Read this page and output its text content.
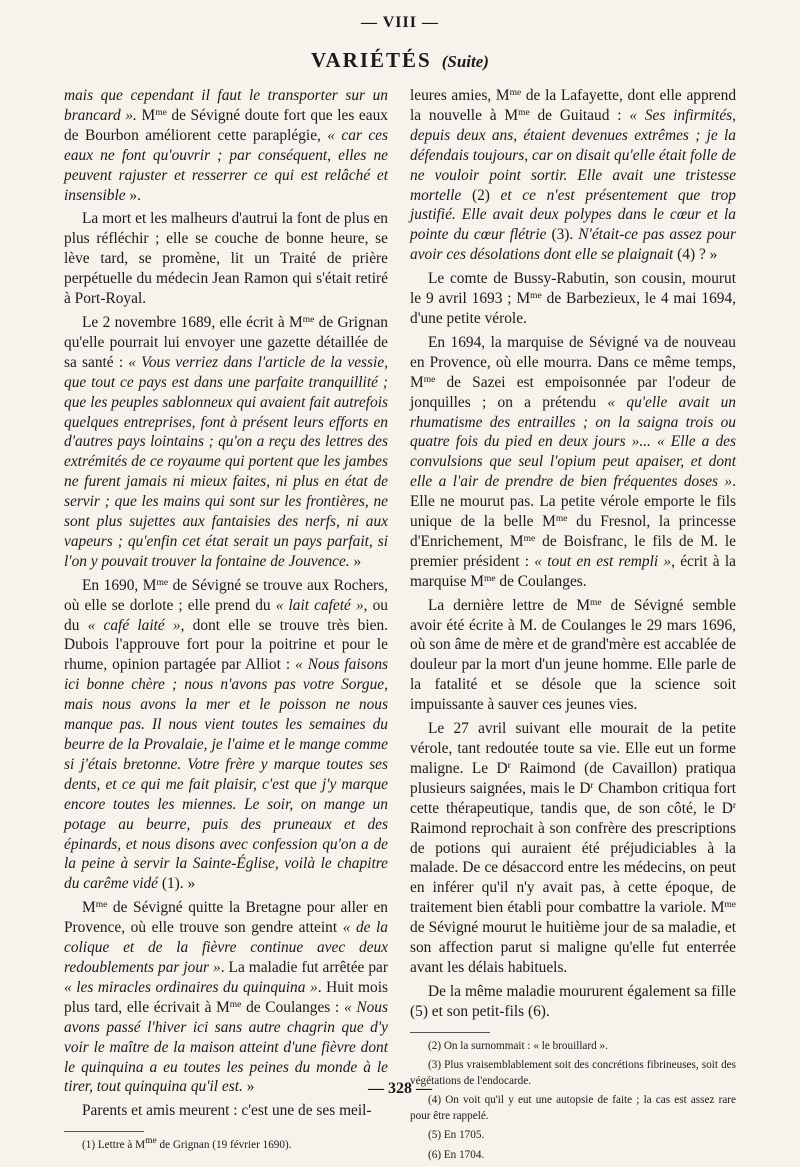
— VIII —
VARIÉTÉS (Suite)

mais que cependant il faut le transporter sur un brancard ». $M^{me}$ de Sévigné doute fort que les eaux de Bourbon améliorent cette paraplégie, « car ces eaux ne font qu'ouvrir ; par conséquent, elles ne peuvent rajuster et resserrer ce qui est relâché et insensible ».

La mort et les malheurs d'autrui la font de plus en plus réfléchir ; elle se couche de bonne heure, se lève tard, se promène, lit un Traité de prière perpétuelle du médecin Jean Ramon qui s'était retiré à Port-Royal.

Le 2 novembre 1689, elle écrit à $M^{me}$ de Grignan qu'elle pourrait lui envoyer une gazette détaillée de sa santé : « Vous verriez dans l'article de la vessie, que tout ce pays est dans une parfaite tranquillité ; que les peuples sablonneux qui avaient fait autrefois quelques entreprises, font à présent leurs efforts en d'autres pays lointains ; qu'on a reçu des lettres des extrémités de ce royaume qui portent que les jambes ne furent jamais ni mieux faites, ni plus en état de servir ; que les mains qui sont sur les frontières, ne sont plus sujettes aux fantaisies des nerfs, ni aux vapeurs ; qu'enfin cet état serait un pays parfait, si l'on y pouvait trouver la fontaine de Jouvence. »

En 1690, $M^{me}$ de Sévigné se trouve aux Rochers, où elle se dorlote ; elle prend du « lait cafeté », ou du « café laité », dont elle se trouve très bien. Dubois l'approuve fort pour la poitrine et pour le rhume, opinion partagée par Alliot : « Nous faisons ici bonne chère ; nous n'avons pas votre Sorgue, mais nous avons la mer et le poisson ne nous manque pas. Il nous vient toutes les semaines du beurre de la Provalaie, je l'aime et le mange comme si j'étais bretonne. Votre frère y marque toutes ses dents, et ce qui me fait plaisir, c'est que j'y marque encore toutes les miennes. Le soir, on mange un potage au beurre, puis des pruneaux et des épinards, et nous disons avec confession qu'on a de la peine à servir la Sainte-Église, voilà le chapitre du carême vidé (1). »

$M^{me}$ de Sévigné quitte la Bretagne pour aller en Provence, où elle trouve son gendre atteint « de la colique et de la fièvre continue avec deux redoublements par jour ». La maladie fut arrêtée par « les miracles ordinaires du quinquina ». Huit mois plus tard, elle écrivait à $M^{me}$ de Coulanges : « Nous avons passé l'hiver ici sans autre chagrin que d'y voir le maître de la maison atteint d'une fièvre dont le quinquina a eu toutes les peines du monde à le tirer, tout quinquina qu'il est. »

Parents et amis meurent : c'est une de ses meil-

(1) Lettre à $M^{me}$ de Grignan (19 février 1690).

leures amies, $M^{me}$ de la Lafayette, dont elle apprend la nouvelle à $M^{me}$ de Guitaud : « Ses infirmités, depuis deux ans, étaient devenues extrêmes ; je la défendais toujours, car on disait qu'elle était folle de ne vouloir point sortir. Elle avait une tristesse mortelle (2) et ce n'est présentement que trop justifié. Elle avait deux polypes dans le cœur et la pointe du cœur flétrie (3). N'était-ce pas assez pour avoir ces désolations dont elle se plaignait (4) ? »

Le comte de Bussy-Rabutin, son cousin, mourut le 9 avril 1693 ; $M^{me}$ de Barbezieux, le 4 mai 1694, d'une petite vérole.

En 1694, la marquise de Sévigné va de nouveau en Provence, où elle mourra. Dans ce même temps, $M^{me}$ de Sazei est empoisonnée par l'odeur de jonquilles ; on a prétendu « qu'elle avait un rhumatisme des entrailles ; on la saigna trois ou quatre fois du pied en deux jours »... « Elle a des convulsions que seul l'opium peut apaiser, et dont elle a l'air de prendre de bien fréquentes doses ». Elle ne mourut pas. La petite vérole emporte le fils unique de la belle $M^{me}$ du Fresnol, la princesse d'Enrichement, $M^{me}$ de Boisfranc, le fils de M. le premier président : « tout en est rempli », écrit à la marquise $M^{me}$ de Coulanges.

La dernière lettre de $M^{me}$ de Sévigné semble avoir été écrite à M. de Coulanges le 29 mars 1696, où son âme de mère et de grand'mère est accablée de douleur par la mort d'un jeune homme. Elle parle de la fatalité et se désole que la science soit impuissante à sauver ces jeunes vies.

Le 27 avril suivant elle mourait de la petite vérole, tant redoutée toute sa vie. Elle eut un forme maligne. Le $D^r$ Raimond (de Cavaillon) pratiqua plusieurs saignées, mais le $D^r$ Chambon critiqua fort cette thérapeutique, tandis que, de son côté, le $D^r$ Raimond reprochait à son confrère des prescriptions de potions qui auraient été préjudiciables à la malade. De ce désaccord entre les médecins, on peut en inférer qu'il n'y avait pas, à cette époque, de traitement bien établi pour combattre la variole. $M^{me}$ de Sévigné mourut le huitième jour de sa maladie, et son affection parut si maligne qu'elle fut enterrée avant les délais habituels.

De la même maladie moururent également sa fille (5) et son petit-fils (6).

(2) On la surnommait : « le brouillard ».

(3) Plus vraisemblablement soit des concrétions fibrineuses, soit des végétations de l'endocarde.

(4) On voit qu'il y eut une autopsie de faite ; la cas est assez rare pour être rappelé.

(5) En 1705.

(6) En 1704.

— 328 —
